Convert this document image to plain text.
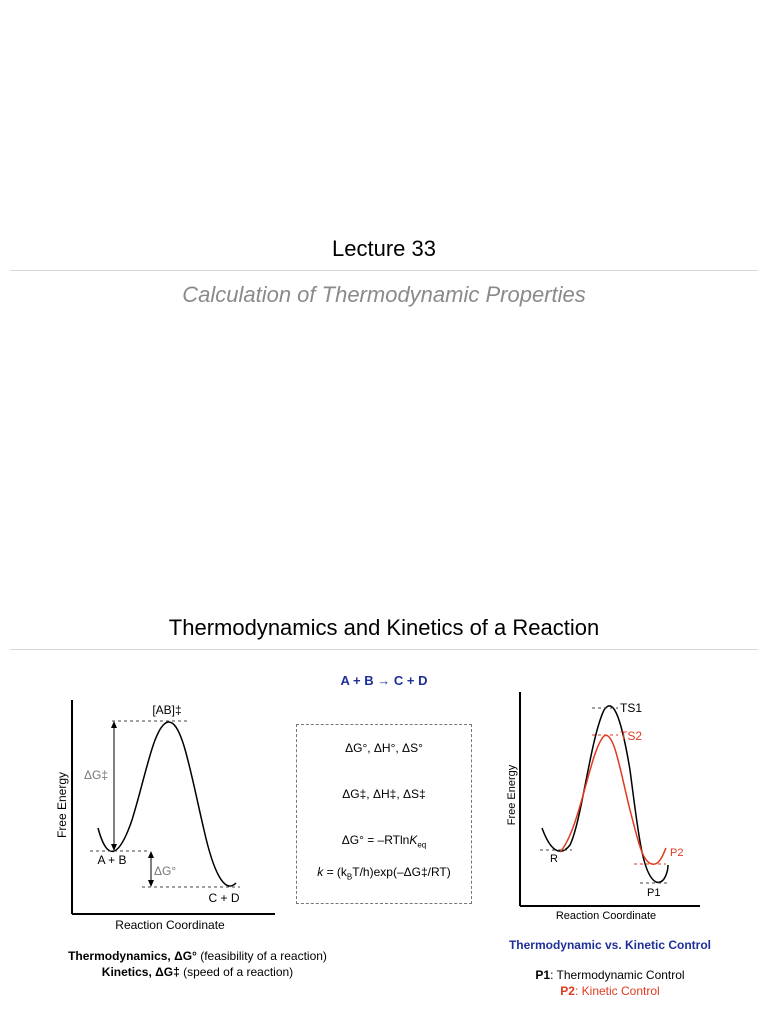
Lecture 33
Calculation of Thermodynamic Properties
Thermodynamics and Kinetics of a Reaction
A + B → C + D
Free Energy
Reaction Coordinate
[AB]‡
A + B
C + D
ΔG‡
ΔG°
ΔG°, ΔH°, ΔS°
ΔG‡, ΔH‡, ΔS‡
ΔG° = –RTlnK$_{eq}$
$k = (k_BT/h)\exp(-\Delta G\ddagger/RT)$
Free Energy
Reaction Coordinate
TS1
TS2
R	P2
P1
Thermodynamics, ΔG° (feasibility of a reaction)
Kinetics, ΔG‡ (speed of a reaction)
Thermodynamic vs. Kinetic Control
P1: Thermodynamic Control
P2: Kinetic Control
